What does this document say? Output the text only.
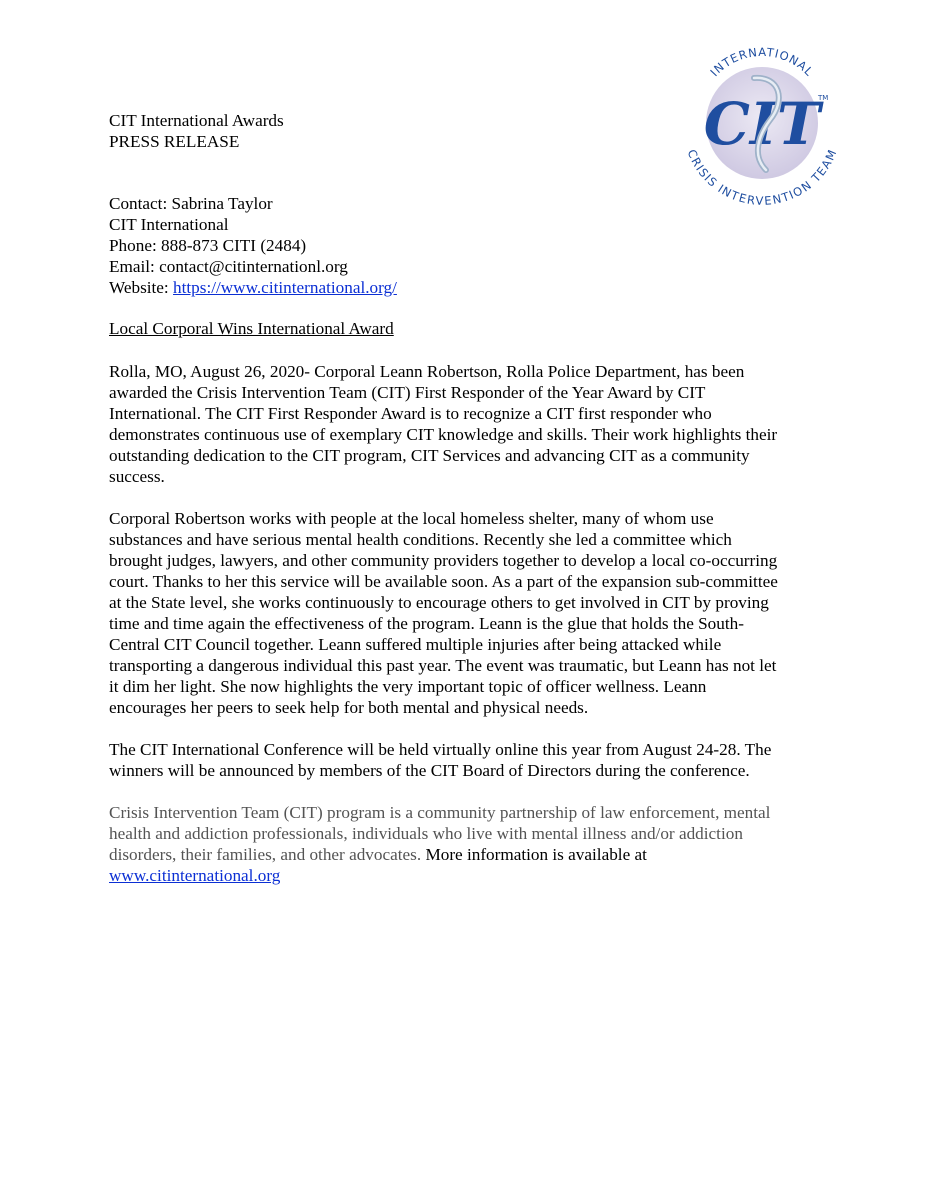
INTERNATIONAL
CRISIS INTERVENTION TEAM
CIT
TM
CIT International Awards
PRESS RELEASE
Contact: Sabrina Taylor
CIT International
Phone: 888-873 CITI (2484)
Email: contact@citinternationl.org
Website: https://www.citinternational.org/
Local Corporal Wins International Award
Rolla, MO, August 26, 2020- Corporal Leann Robertson, Rolla Police Department, has been
awarded the Crisis Intervention Team (CIT) First Responder of the Year Award by CIT
International. The CIT First Responder Award is to recognize a CIT first responder who
demonstrates continuous use of exemplary CIT knowledge and skills. Their work highlights their
outstanding dedication to the CIT program, CIT Services and advancing CIT as a community
success.
Corporal Robertson works with people at the local homeless shelter, many of whom use
substances and have serious mental health conditions. Recently she led a committee which
brought judges, lawyers, and other community providers together to develop a local co-occurring
court. Thanks to her this service will be available soon. As a part of the expansion sub-committee
at the State level, she works continuously to encourage others to get involved in CIT by proving
time and time again the effectiveness of the program. Leann is the glue that holds the South-
Central CIT Council together. Leann suffered multiple injuries after being attacked while
transporting a dangerous individual this past year. The event was traumatic, but Leann has not let
it dim her light. She now highlights the very important topic of officer wellness. Leann
encourages her peers to seek help for both mental and physical needs.
The CIT International Conference will be held virtually online this year from August 24-28. The
winners will be announced by members of the CIT Board of Directors during the conference.
Crisis Intervention Team (CIT) program is a community partnership of law enforcement, mental
health and addiction professionals, individuals who live with mental illness and/or addiction
disorders, their families, and other advocates. More information is available at
www.citinternational.org
